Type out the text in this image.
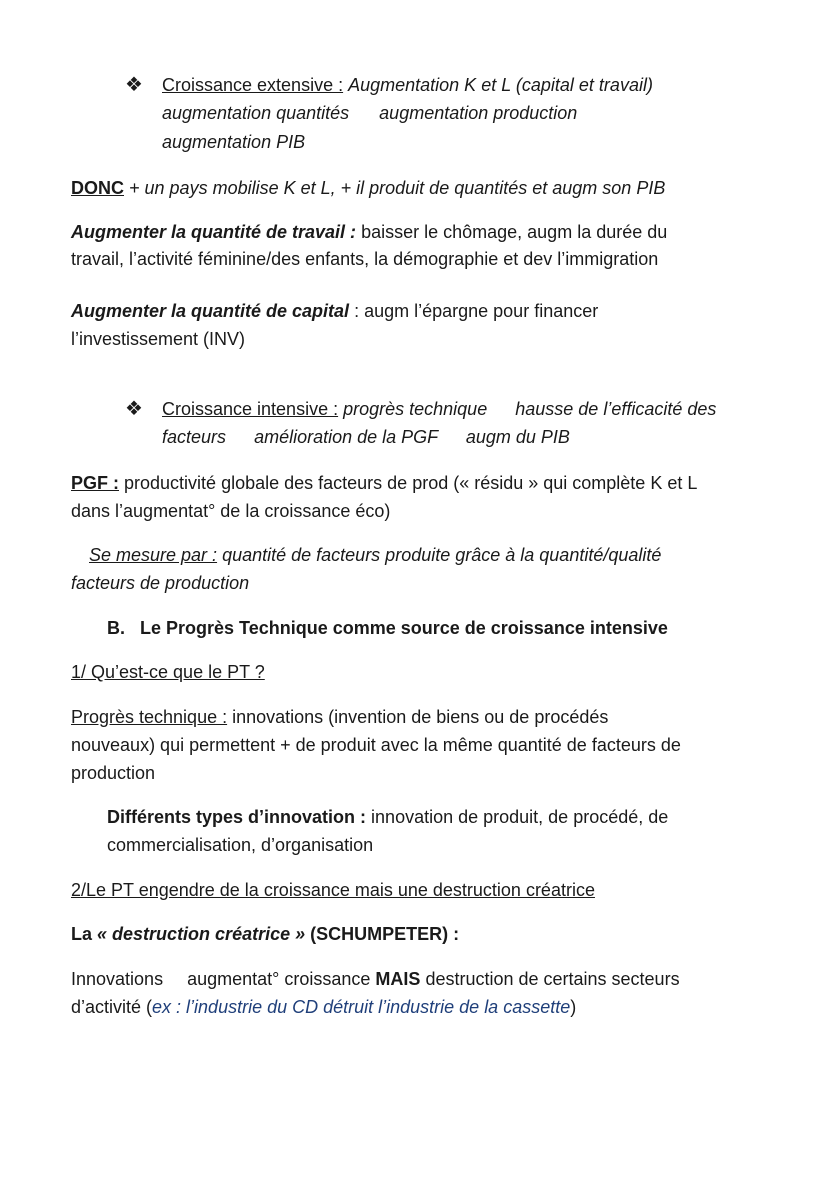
❖ Croissance extensive : Augmentation K et L (capital et travail)
augmentation quantités augmentation production
augmentation PIB
DONC + un pays mobilise K et L, + il produit de quantités et augm son PIB
Augmenter la quantité de travail : baisser le chômage, augm la durée du
travail, l’activité féminine/des enfants, la démographie et dev l’immigration
Augmenter la quantité de capital : augm l’épargne pour financer
l’investissement (INV)
❖ Croissance intensive : progrès technique hausse de l’efficacité des
facteurs amélioration de la PGF augm du PIB
PGF : productivité globale des facteurs de prod (« résidu » qui complète K et L
dans l’augmentat° de la croissance éco)
Se mesure par : quantité de facteurs produite grâce à la quantité/qualité
facteurs de production
B.   Le Progrès Technique comme source de croissance intensive
1/ Qu’est-ce que le PT ?
Progrès technique : innovations (invention de biens ou de procédés
nouveaux) qui permettent + de produit avec la même quantité de facteurs de
production
Différents types d’innovation : innovation de produit, de procédé, de
commercialisation, d’organisation
2/Le PT engendre de la croissance mais une destruction créatrice
La « destruction créatrice » (SCHUMPETER) :
Innovations augmentat° croissance MAIS destruction de certains secteurs
d’activité (ex : l’industrie du CD détruit l’industrie de la cassette)
